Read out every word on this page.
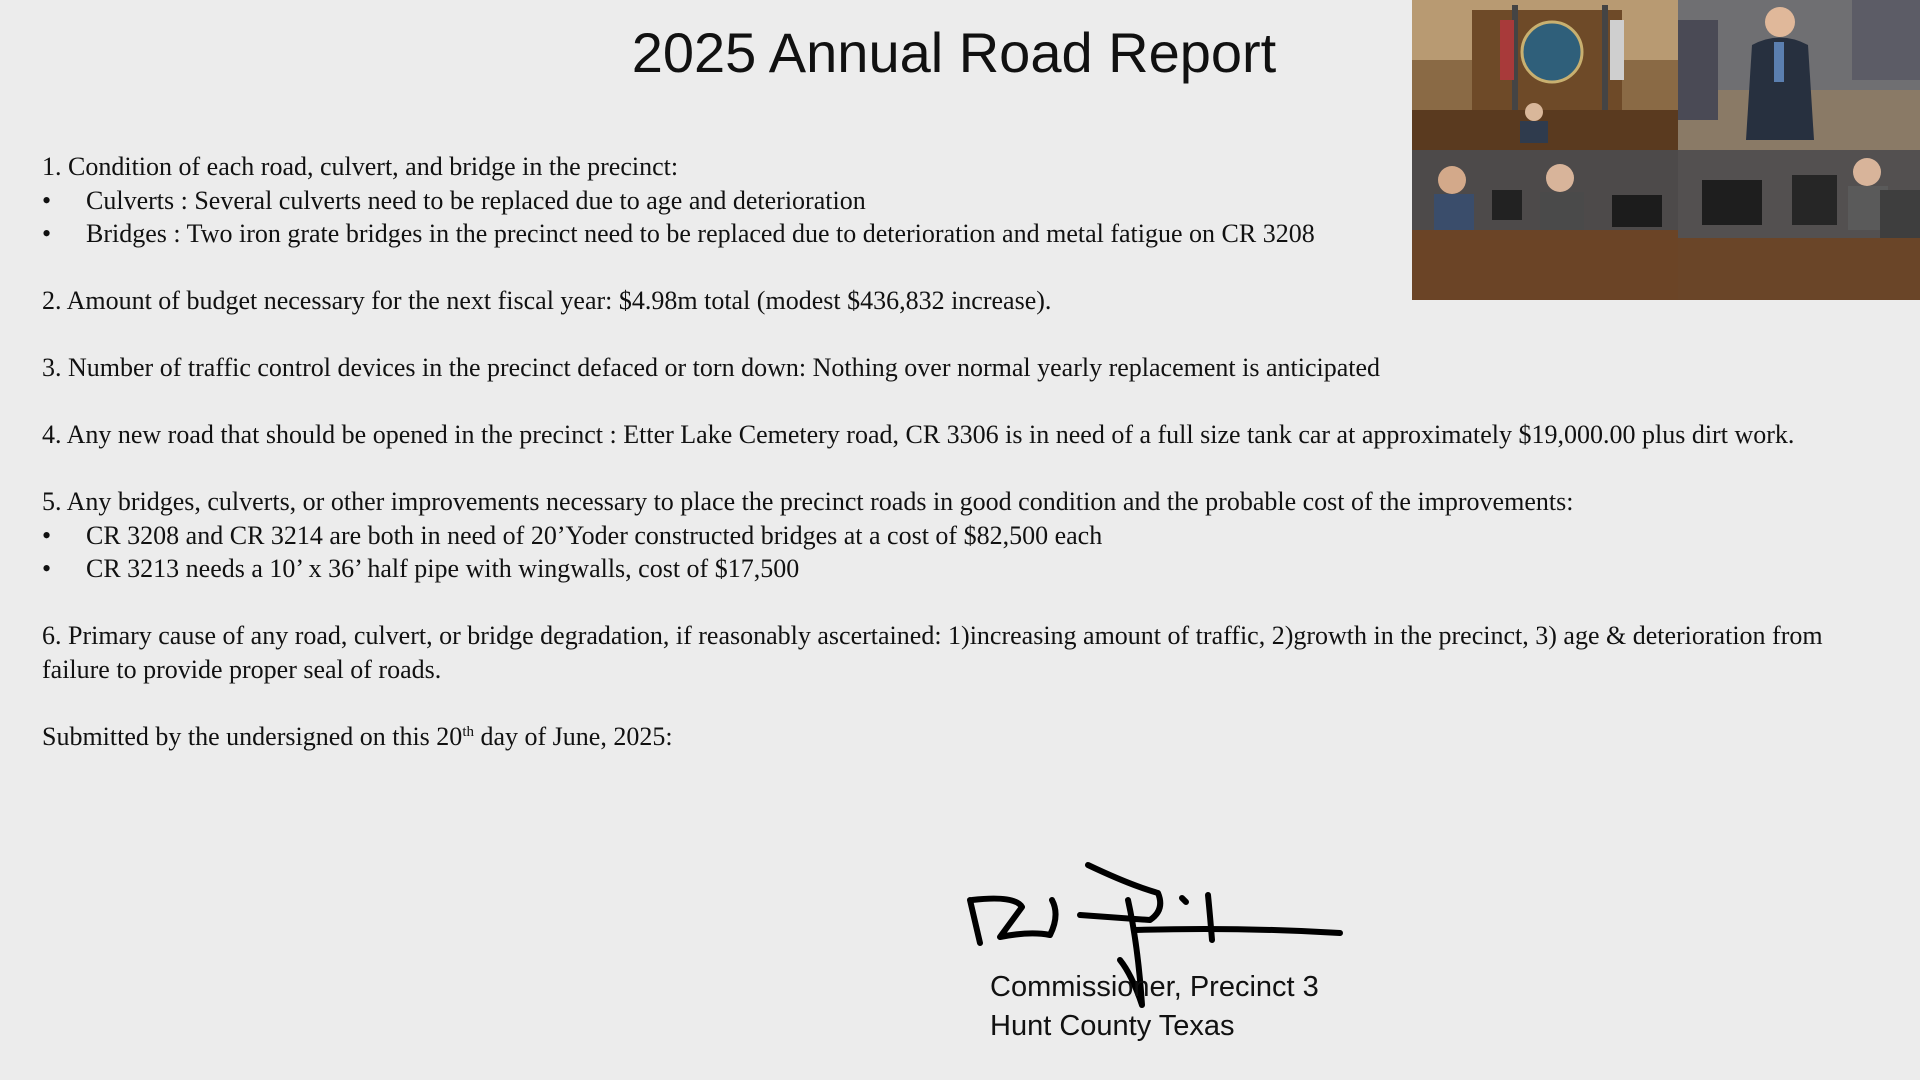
2025 Annual Road Report

1. Condition of each road, culvert, and bridge in the precinct:

• Culverts : Several culverts need to be replaced due to age and deterioration

• Bridges : Two iron grate bridges in the precinct need to be replaced due to deterioration and metal fatigue on CR 3208

2. Amount of budget necessary for the next fiscal year: $4.98m total (modest $436,832 increase).

3. Number of traffic control devices in the precinct defaced or torn down: Nothing over normal yearly replacement is anticipated

4. Any new road that should be opened in the precinct : Etter Lake Cemetery road, CR 3306 is in need of a full size tank car at approximately $19,000.00 plus dirt work.

5. Any bridges, culverts, or other improvements necessary to place the precinct roads in good condition and the probable cost of the improvements:

• CR 3208 and CR 3214 are both in need of 20’Yoder constructed bridges at a cost of $82,500 each

• CR 3213 needs a 10’ x 36’ half pipe with wingwalls, cost of $17,500

6. Primary cause of any road, culvert, or bridge degradation, if reasonably ascertained: 1)increasing amount of traffic, 2)growth in the precinct, 3) age & deterioration from failure to provide proper seal of roads.

Submitted by the undersigned on this 20th day of June, 2025:

Commissioner, Precinct 3
Hunt County Texas
